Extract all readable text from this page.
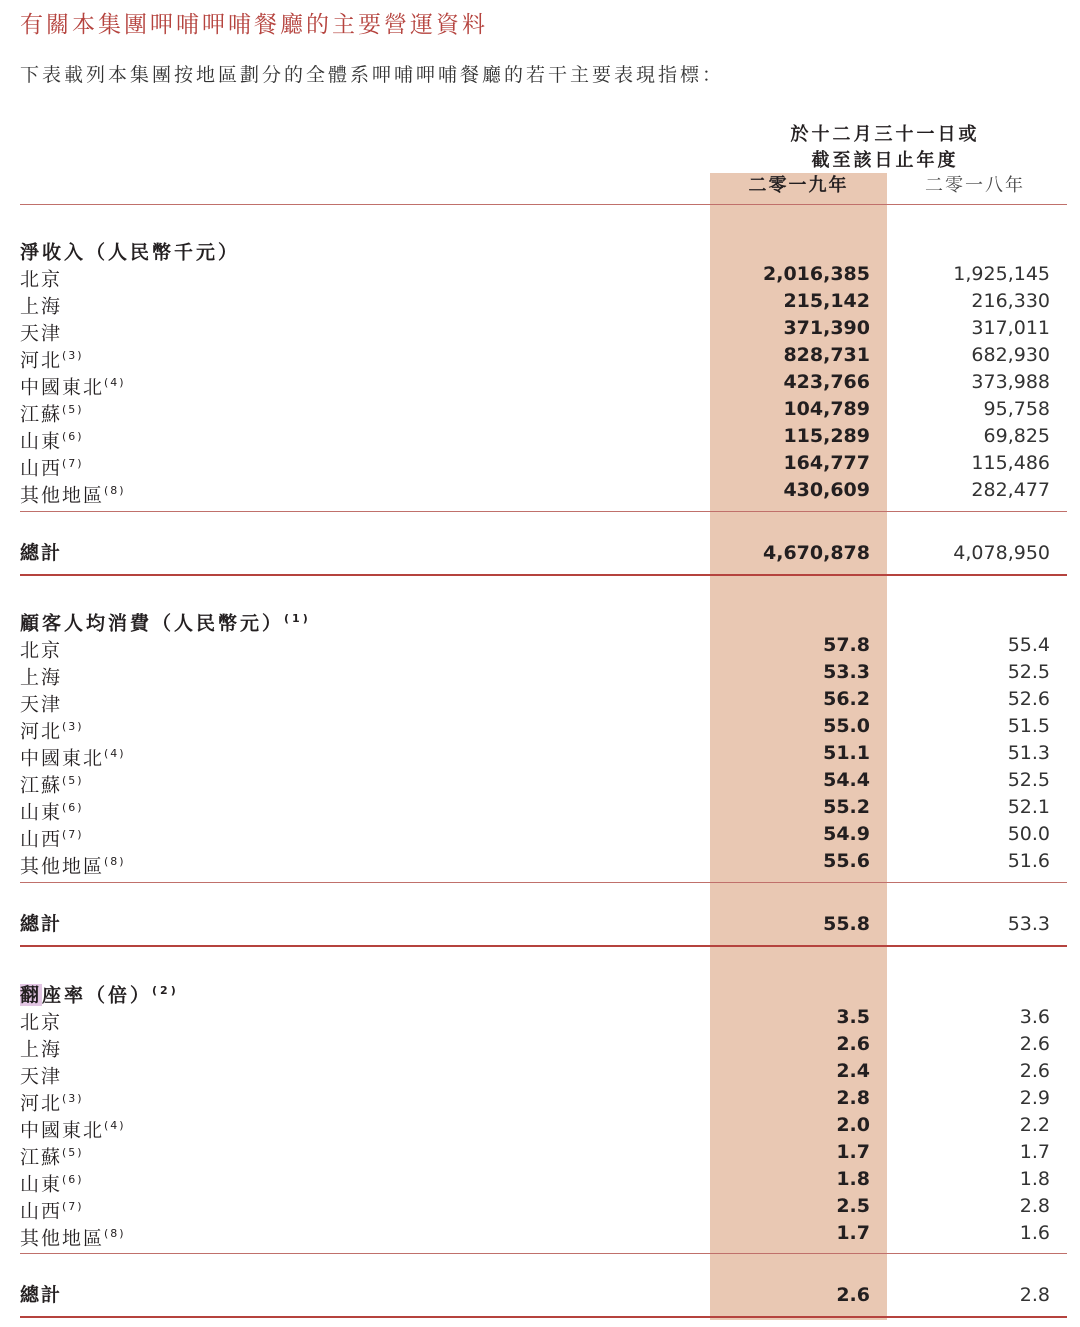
有關本集團呷哺呷哺餐廳的主要營運資料
下表載列本集團按地區劃分的全體系呷哺呷哺餐廳的若干主要表現指標：
於十二月三十一日或
截至該日止年度
二零一九年	二零一八年
淨收入（人民幣千元）
北京	2,016,385	1,925,145
上海	215,142	216,330
天津	371,390	317,011
河北$^{(3)}$	828,731	682,930
中國東北$^{(4)}$	423,766	373,988
江蘇$^{(5)}$	104,789	95,758
山東$^{(6)}$	115,289	69,825
山西$^{(7)}$	164,777	115,486
其他地區$^{(8)}$	430,609	282,477
總計	4,670,878	4,078,950
顧客人均消費（人民幣元）$^{(1)}$
北京	57.8	55.4
上海	53.3	52.5
天津	56.2	52.6
河北$^{(3)}$	55.0	51.5
中國東北$^{(4)}$	51.1	51.3
江蘇$^{(5)}$	54.4	52.5
山東$^{(6)}$	55.2	52.1
山西$^{(7)}$	54.9	50.0
其他地區$^{(8)}$	55.6	51.6
總計	55.8	53.3
翻座率（倍）$^{(2)}$
北京	3.5	3.6
上海	2.6	2.6
天津	2.4	2.6
河北$^{(3)}$	2.8	2.9
中國東北$^{(4)}$	2.0	2.2
江蘇$^{(5)}$	1.7	1.7
山東$^{(6)}$	1.8	1.8
山西$^{(7)}$	2.5	2.8
其他地區$^{(8)}$	1.7	1.6
總計	2.6	2.8
